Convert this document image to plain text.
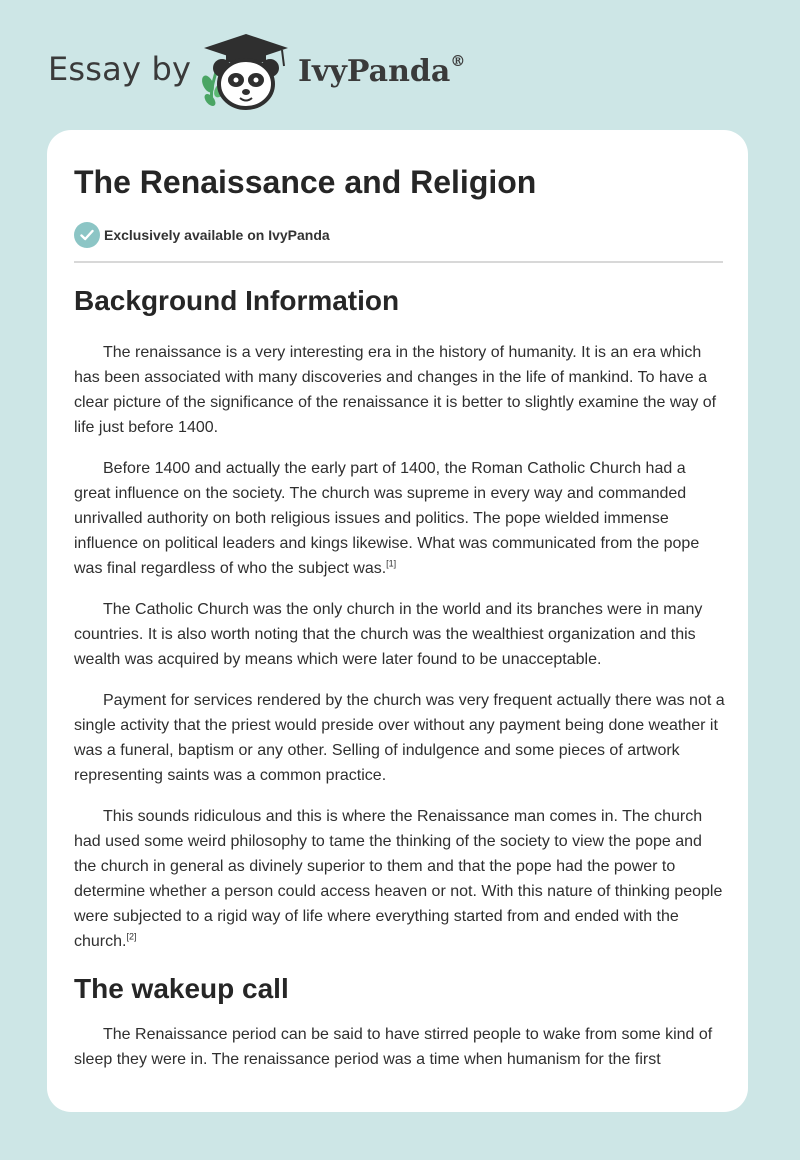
Essay by	IvyPanda®
The Renaissance and Religion
Exclusively available on IvyPanda
Background Information

The renaissance is a very interesting era in the history of humanity. It is an era which has been associated with many discoveries and changes in the life of mankind. To have a clear picture of the significance of the renaissance it is better to slightly examine the way of life just before 1400.

Before 1400 and actually the early part of 1400, the Roman Catholic Church had a great influence on the society. The church was supreme in every way and commanded unrivalled authority on both religious issues and politics. The pope wielded immense influence on political leaders and kings likewise. What was communicated from the pope was final regardless of who the subject was.[1]

The Catholic Church was the only church in the world and its branches were in many countries. It is also worth noting that the church was the wealthiest organization and this wealth was acquired by means which were later found to be unacceptable.

Payment for services rendered by the church was very frequent actually there was not a single activity that the priest would preside over without any payment being done weather it was a funeral, baptism or any other. Selling of indulgence and some pieces of artwork representing saints was a common practice.

This sounds ridiculous and this is where the Renaissance man comes in. The church had used some weird philosophy to tame the thinking of the society to view the pope and the church in general as divinely superior to them and that the pope had the power to determine whether a person could access heaven or not. With this nature of thinking people were subjected to a rigid way of life where everything started from and ended with the church.[2]

The wakeup call

The Renaissance period can be said to have stirred people to wake from some kind of sleep they were in. The renaissance period was a time when humanism for the first
